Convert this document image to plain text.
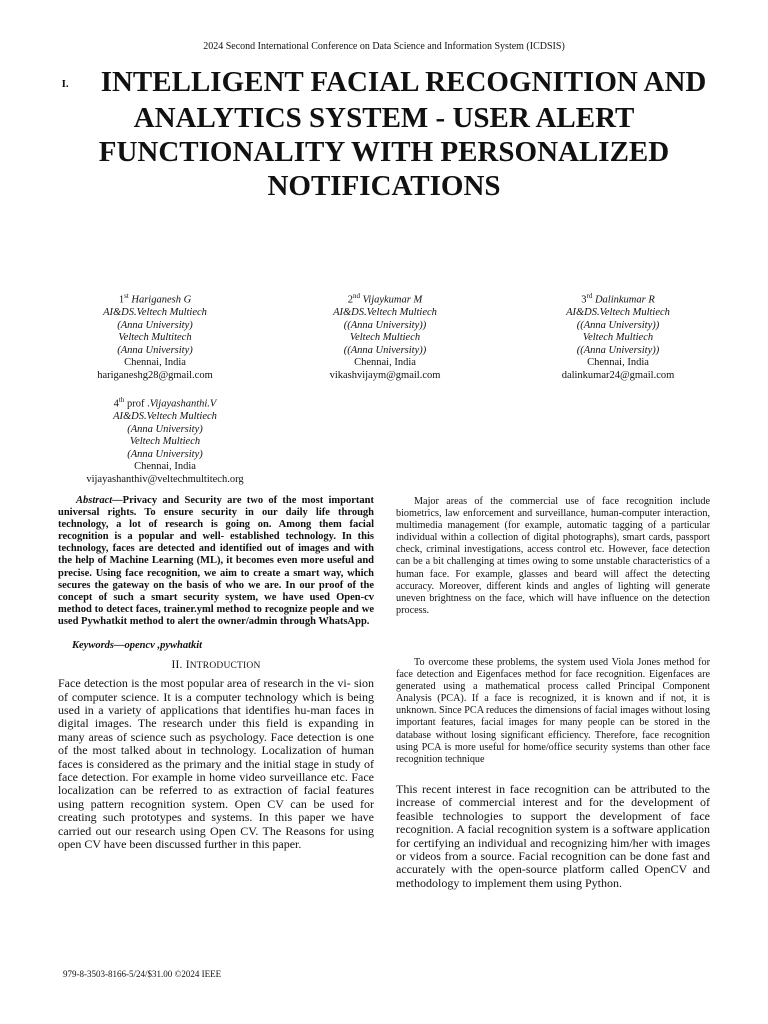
2024 Second International Conference on Data Science and Information System (ICDSIS)
I. INTELLIGENT FACIAL RECOGNITION AND ANALYTICS SYSTEM - USER ALERT FUNCTIONALITY WITH PERSONALIZED NOTIFICATIONS
1st Hariganesh G
AI&DS.Veltech Multiech
(Anna University)
Veltech Multitech
(Anna University)
Chennai, India
hariganeshg28@gmail.com
2nd Vijaykumar M
AI&DS.Veltech Multiech
((Anna University))
Veltech Multiech
((Anna University))
Chennai, India
vikashvijaym@gmail.com
3rd Dalinkumar R
AI&DS.Veltech Multiech
((Anna University))
Veltech Multiech
((Anna University))
Chennai, India
dalinkumar24@gmail.com
4th prof .Vijayashanthi.V
AI&DS.Veltech Multiech
(Anna University)
Veltech Multiech
(Anna University)
Chennai, India
vijayashanthiv@veltechmultitech.org

Abstract—Privacy and Security are two of the most important universal rights. To ensure security in our daily life through technology, a lot of research is going on. Among them facial recognition is a popular and well- established technology. In this technology, faces are detected and identified out of images and with the help of Machine Learning (ML), it becomes even more useful and precise. Using face recognition, we aim to create a smart way, which secures the gateway on the basis of who we are. In our proof of the concept of such a smart security system, we have used Open-cv method to detect faces, trainer.yml method to recognize people and we used Pywhatkit method to alert the owner/admin through WhatsApp.

Keywords—opencv ,pywhatkit

II. INTRODUCTION

Face detection is the most popular area of research in the vi- sion of computer science. It is a computer technology which is being used in a variety of applications that identifies hu-man faces in digital images. The research under this field is expanding in many areas of science such as psychology. Face detection is one of the most talked about in technology. Localization of human faces is considered as the primary and the initial stage in study of face detection. For example in home video surveillance etc. Face localization can be referred to as extraction of facial features using pattern recognition system. Open CV can be used for creating such prototypes and systems. In this paper we have carried out our research using Open CV. The Reasons for using open CV have been discussed further in this paper.

Major areas of the commercial use of face recognition include biometrics, law enforcement and surveillance, human-computer interaction, multimedia management (for example, automatic tagging of a particular individual within a collection of digital photographs), smart cards, passport check, criminal investigations, access control etc. However, face detection can be a bit challenging at times owing to some unstable characteristics of a human face. For example, glasses and beard will affect the detecting accuracy. Moreover, different kinds and angles of lighting will generate uneven brightness on the face, which will have influence on the detection process.

To overcome these problems, the system used Viola Jones method for face detection and Eigenfaces method for face recognition. Eigenfaces are generated using a mathematical process called Principal Component Analysis (PCA). If a face is recognized, it is known and if not, it is unknown. Since PCA reduces the dimensions of facial images without losing important features, facial images for many people can be stored in the database without losing significant efficiency. Therefore, face recognition using PCA is more useful for home/office security systems than other face recognition technique

This recent interest in face recognition can be attributed to the increase of commercial interest and for the development of feasible technologies to support the development of face recognition. A facial recognition system is a software application for certifying an individual and recognizing him/her with images or videos from a source. Facial recognition can be done fast and accurately with the open-source platform called OpenCV and methodology to implement them using Python.

979-8-3503-8166-5/24/$31.00 ©2024 IEEE
